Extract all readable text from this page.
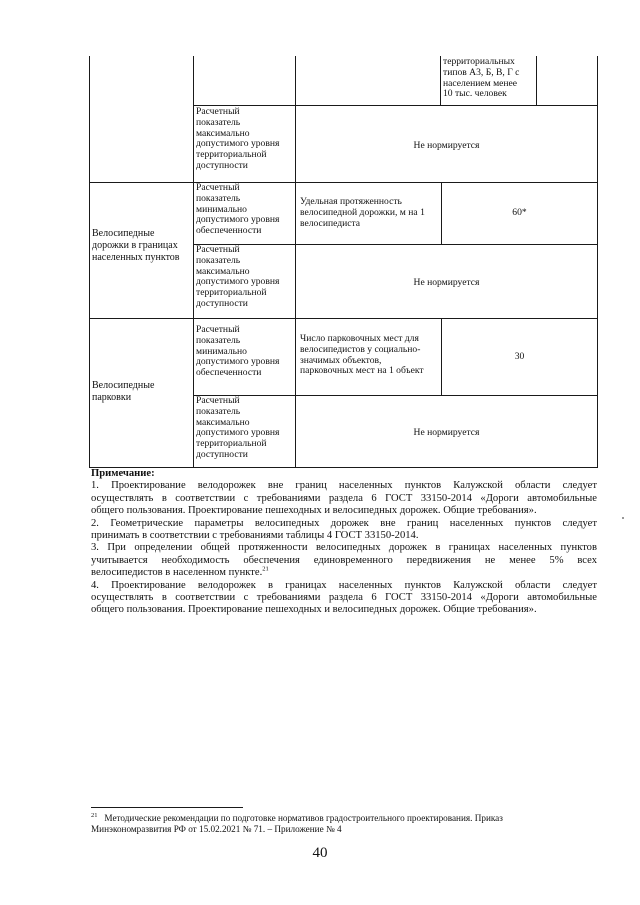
территориальных
типов А3, Б, В, Г с
населением менее
10 тыс. человек
Расчетный
показатель
максимально
допустимого уровня
территориальной
доступности
Не нормируется
Велосипедные
дорожки в границах
населенных пунктов
Расчетный
показатель
минимально
допустимого уровня
обеспеченности
Удельная протяженность
велосипедной дорожки, м на 1
велосипедиста
60*
Расчетный
показатель
максимально
допустимого уровня
территориальной
доступности
Не нормируется
Велосипедные
парковки
Расчетный
показатель
минимально
допустимого уровня
обеспеченности
Число парковочных мест для
велосипедистов у социально-
значимых объектов,
парковочных мест на 1 объект
30
Расчетный
показатель
максимально
допустимого уровня
территориальной
доступности
Не нормируется

Примечание:

1. Проектирование велодорожек вне границ населенных пунктов Калужской области следует

осуществлять в соответствии с требованиями раздела 6 ГОСТ 33150-2014 «Дороги автомобильные

общего пользования. Проектирование пешеходных и велосипедных дорожек. Общие требования».

2. Геометрические параметры велосипедных дорожек вне границ населенных пунктов следует

принимать в соответствии с требованиями таблицы 4 ГОСТ 33150-2014.

3. При определении общей протяженности велосипедных дорожек в границах населенных пунктов

учитывается необходимость обеспечения единовременного передвижения не менее 5% всех

велосипедистов в населенном пункте.$^{21}$

4. Проектирование велодорожек в границах населенных пунктов Калужской области следует

осуществлять в соответствии с требованиями раздела 6 ГОСТ 33150-2014 «Дороги автомобильные

общего пользования. Проектирование пешеходных и велосипедных дорожек. Общие требования».

$^{21}$ Методические рекомендации по подготовке нормативов градостроительного проектирования. Приказ

Минэкономразвития РФ от 15.02.2021 № 71. – Приложение № 4

40
